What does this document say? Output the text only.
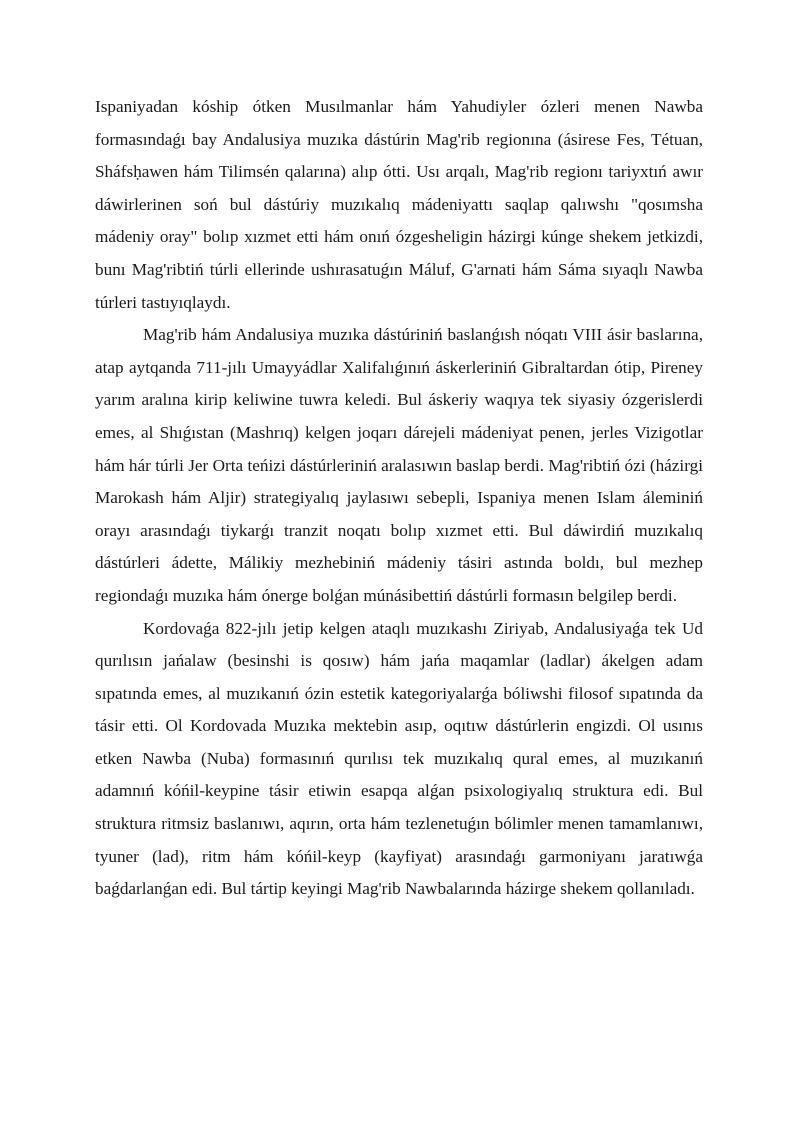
Ispaniyadan kóship ótken Musılmanlar hám Yahudiyler ózleri menen Nawba formasındaǵı bay Andalusiya muzıka dástúrin Mag'rib regionına (ásirese Fes, Tétuan, Sháfsḥawen hám Tilimsén qalarına) alıp ótti. Usı arqalı, Mag'rib regionı tariyxtıń awır dáwirlerinen soń bul dástúriy muzıkalıq mádeniyattı saqlap qalıwshı "qosımsha mádeniy oray" bolıp xızmet etti hám onıń ózgesheligin házirgi kúnge shekem jetkizdi, bunı Mag'ribtiń túrli ellerinde ushırasatuǵın Máluf, G'arnati hám Sáma sıyaqlı Nawba túrleri tastıyıqlaydı.

Mag'rib hám Andalusiya muzıka dástúriniń baslanǵısh nóqatı VIII ásir baslarına, atap aytqanda 711-jılı Umayyádlar Xalifalıǵınıń áskerleriniń Gibraltardan ótip, Pireney yarım aralına kirip keliwine tuwra keledi. Bul áskeriy waqıya tek siyasiy ózgerislerdi emes, al Shıǵıstan (Mashrıq) kelgen joqarı dárejeli mádeniyat penen, jerles Vizigotlar hám hár túrli Jer Orta teńizi dástúrleriniń aralasıwın baslap berdi. Mag'ribtiń ózi (házirgi Marokash hám Aljir) strategiyalıq jaylasıwı sebepli, Ispaniya menen Islam áleminiń orayı arasındaǵı tiykarǵı tranzit noqatı bolıp xızmet etti. Bul dáwirdiń muzıkalıq dástúrleri ádette, Málikiy mezhebiniń mádeniy tásiri astında boldı, bul mezhep regiondaǵı muzıka hám ónerge bolǵan múnásibettiń dástúrli formasın belgilep berdi.

Kordovaǵa 822-jılı jetip kelgen ataqlı muzıkashı Ziriyab, Andalusiyaǵa tek Ud qurılısın jańalaw (besinshi is qosıw) hám jańa maqamlar (ladlar) ákelgen adam sıpatında emes, al muzıkanıń ózin estetik kategoriyalarǵa bóliwshi filosof sıpatında da tásir etti. Ol Kordovada Muzıka mektebin asıp, oqıtıw dástúrlerin engizdi. Ol usınıs etken Nawba (Nuba) formasınıń qurılısı tek muzıkalıq qural emes, al muzıkanıń adamnıń kóńil-keypine tásir etiwin esapqa alǵan psixologiyalıq struktura edi. Bul struktura ritmsiz baslanıwı, aqırın, orta hám tezlenetuǵın bólimler menen tamamlanıwı, tyuner (lad), ritm hám kóńil-keyp (kayfiyat) arasındaǵı garmoniyanı jaratıwǵa baǵdarlanǵan edi. Bul tártip keyingi Mag'rib Nawbalarında házirge shekem qollanıladı.
